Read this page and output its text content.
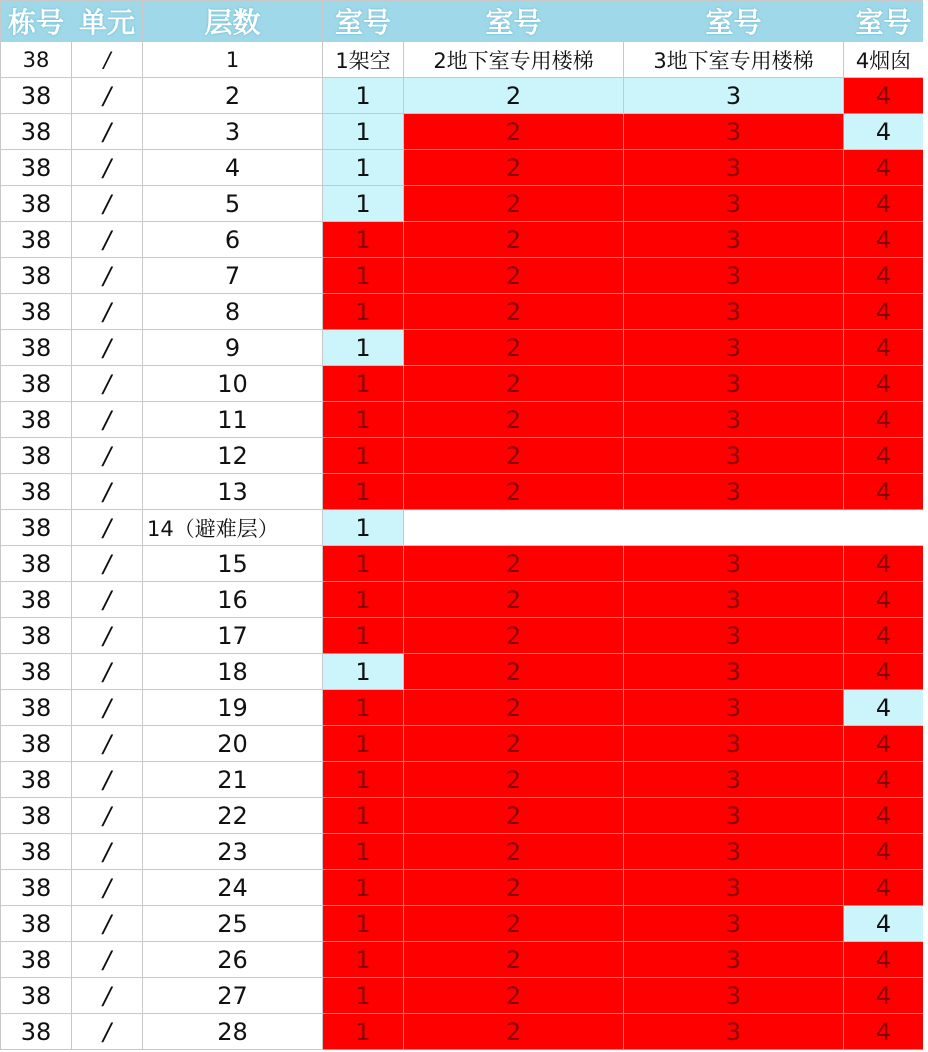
栋号	单元	层数	室号	室号	室号	室号
38	/	1	1架空	2地下室专用楼梯	3地下室专用楼梯	4烟囱
38	/	2	1	2	3	4
38	/	3	1	2	3	4
38	/	4	1	2	3	4
38	/	5	1	2	3	4
38	/	6	1	2	3	4
38	/	7	1	2	3	4
38	/	8	1	2	3	4
38	/	9	1	2	3	4
38	/	10	1	2	3	4
38	/	11	1	2	3	4
38	/	12	1	2	3	4
38	/	13	1	2	3	4
38	/	14（避难层）	1			
38	/	15	1	2	3	4
38	/	16	1	2	3	4
38	/	17	1	2	3	4
38	/	18	1	2	3	4
38	/	19	1	2	3	4
38	/	20	1	2	3	4
38	/	21	1	2	3	4
38	/	22	1	2	3	4
38	/	23	1	2	3	4
38	/	24	1	2	3	4
38	/	25	1	2	3	4
38	/	26	1	2	3	4
38	/	27	1	2	3	4
38	/	28	1	2	3	4
